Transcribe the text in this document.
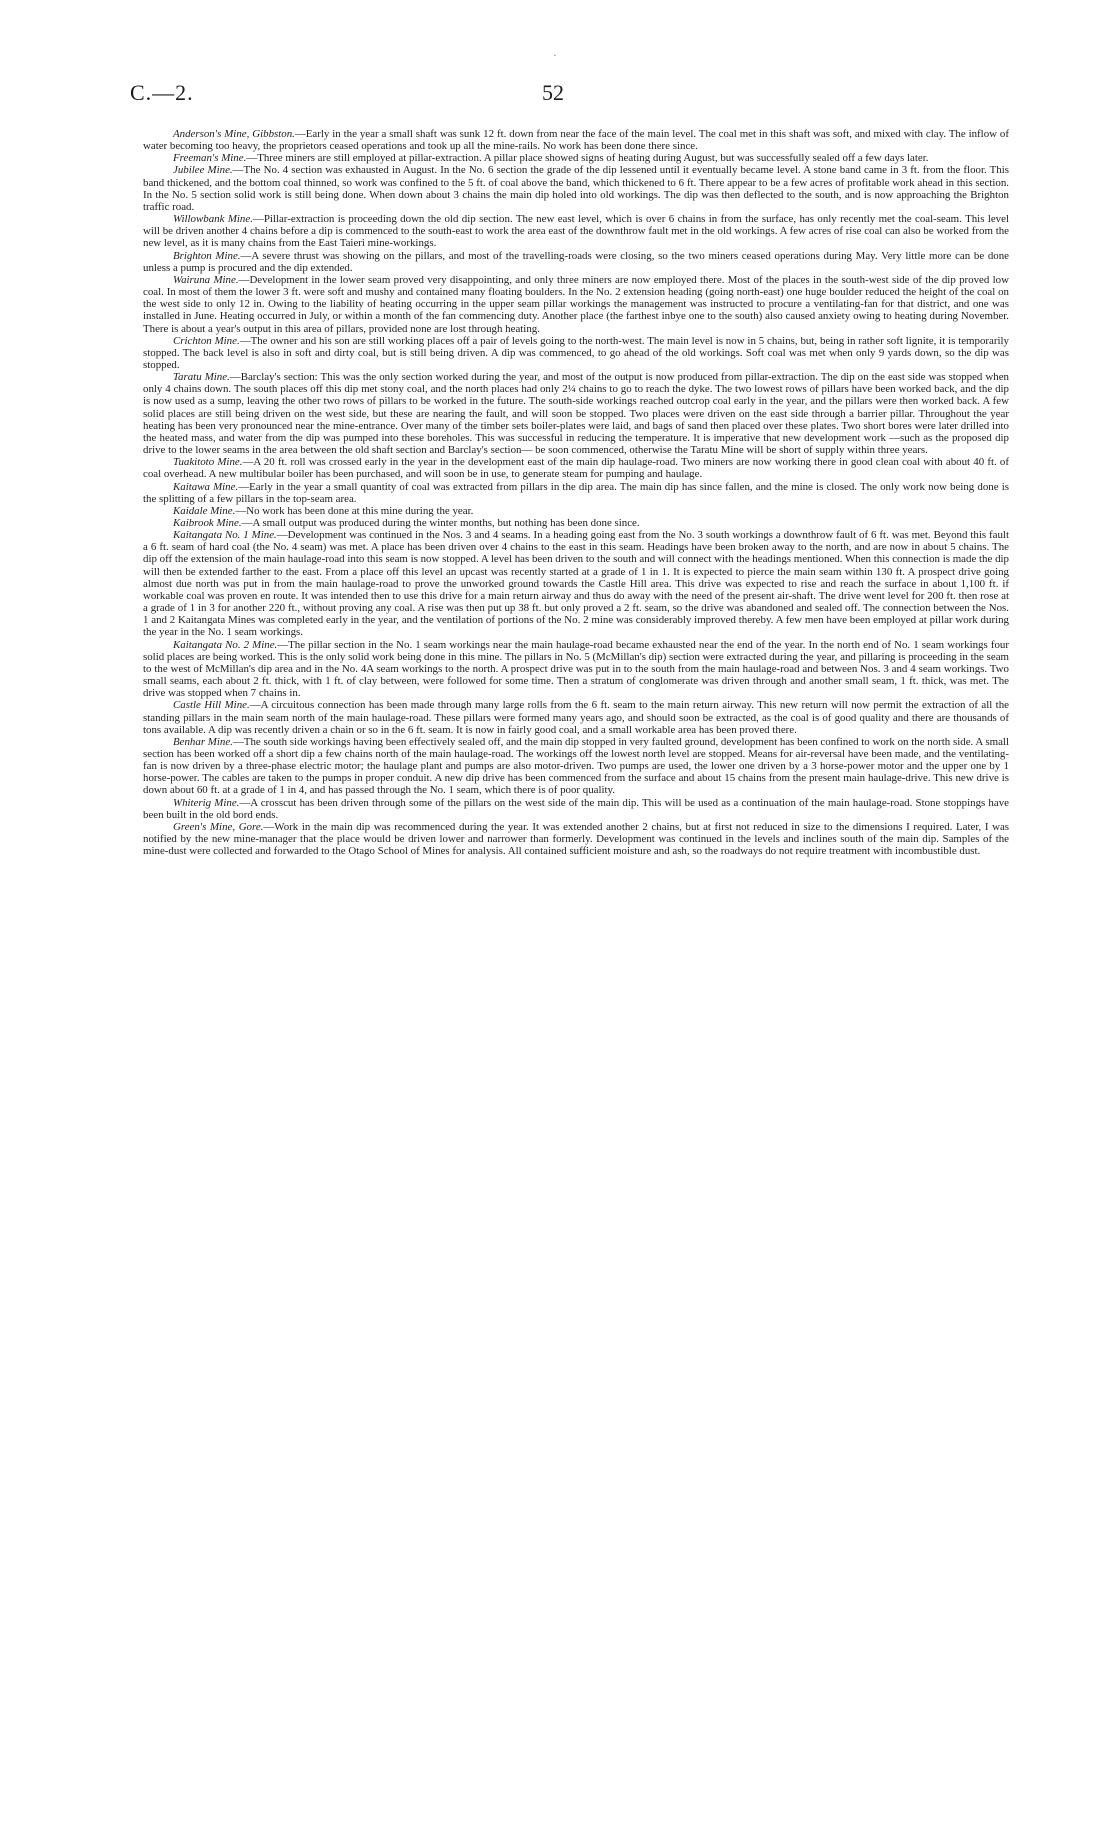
·
C.—2.	52

Anderson's Mine, Gibbston.—Early in the year a small shaft was sunk 12 ft. down from near the face of the main level. The coal met in this shaft was soft, and mixed with clay. The inflow of water becoming too heavy, the proprietors ceased operations and took up all the mine-rails. No work has been done there since.

Freeman's Mine.—Three miners are still employed at pillar-extraction. A pillar place showed signs of heating during August, but was successfully sealed off a few days later.

Jubilee Mine.—The No. 4 section was exhausted in August. In the No. 6 section the grade of the dip lessened until it eventually became level. A stone band came in 3 ft. from the floor. This band thickened, and the bottom coal thinned, so work was confined to the 5 ft. of coal above the band, which thickened to 6 ft. There appear to be a few acres of profitable work ahead in this section. In the No. 5 section solid work is still being done. When down about 3 chains the main dip holed into old workings. The dip was then deflected to the south, and is now approaching the Brighton traffic road.

Willowbank Mine.—Pillar-extraction is proceeding down the old dip section. The new east level, which is over 6 chains in from the surface, has only recently met the coal-seam. This level will be driven another 4 chains before a dip is commenced to the south-east to work the area east of the downthrow fault met in the old workings. A few acres of rise coal can also be worked from the new level, as it is many chains from the East Taieri mine-workings.

Brighton Mine.—A severe thrust was showing on the pillars, and most of the travelling-roads were closing, so the two miners ceased operations during May. Very little more can be done unless a pump is procured and the dip extended.

Wairuna Mine.—Development in the lower seam proved very disappointing, and only three miners are now employed there. Most of the places in the south-west side of the dip proved low coal. In most of them the lower 3 ft. were soft and mushy and contained many floating boulders. In the No. 2 extension heading (going north-east) one huge boulder reduced the height of the coal on the west side to only 12 in. Owing to the liability of heating occurring in the upper seam pillar workings the management was instructed to procure a ventilating-fan for that district, and one was installed in June. Heating occurred in July, or within a month of the fan commencing duty. Another place (the farthest inbye one to the south) also caused anxiety owing to heating during November. There is about a year's output in this area of pillars, provided none are lost through heating.

Crichton Mine.—The owner and his son are still working places off a pair of levels going to the north-west. The main level is now in 5 chains, but, being in rather soft lignite, it is temporarily stopped. The back level is also in soft and dirty coal, but is still being driven. A dip was commenced, to go ahead of the old workings. Soft coal was met when only 9 yards down, so the dip was stopped.

Taratu Mine.—Barclay's section: This was the only section worked during the year, and most of the output is now produced from pillar-extraction. The dip on the east side was stopped when only 4 chains down. The south places off this dip met stony coal, and the north places had only 2¼ chains to go to reach the dyke. The two lowest rows of pillars have been worked back, and the dip is now used as a sump, leaving the other two rows of pillars to be worked in the future. The south-side workings reached outcrop coal early in the year, and the pillars were then worked back. A few solid places are still being driven on the west side, but these are nearing the fault, and will soon be stopped. Two places were driven on the east side through a barrier pillar. Throughout the year heating has been very pronounced near the mine-entrance. Over many of the timber sets boiler-plates were laid, and bags of sand then placed over these plates. Two short bores were later drilled into the heated mass, and water from the dip was pumped into these boreholes. This was successful in reducing the temperature. It is imperative that new development work —such as the proposed dip drive to the lower seams in the area between the old shaft section and Barclay's section— be soon commenced, otherwise the Taratu Mine will be short of supply within three years.

Tuakitoto Mine.—A 20 ft. roll was crossed early in the year in the development east of the main dip haulage-road. Two miners are now working there in good clean coal with about 40 ft. of coal overhead. A new multibular boiler has been purchased, and will soon be in use, to generate steam for pumping and haulage.

Kaitawa Mine.—Early in the year a small quantity of coal was extracted from pillars in the dip area. The main dip has since fallen, and the mine is closed. The only work now being done is the splitting of a few pillars in the top-seam area.

Kaidale Mine.—No work has been done at this mine during the year.

Kaibrook Mine.—A small output was produced during the winter months, but nothing has been done since.

Kaitangata No. 1 Mine.—Development was continued in the Nos. 3 and 4 seams. In a heading going east from the No. 3 south workings a downthrow fault of 6 ft. was met. Beyond this fault a 6 ft. seam of hard coal (the No. 4 seam) was met. A place has been driven over 4 chains to the east in this seam. Headings have been broken away to the north, and are now in about 5 chains. The dip off the extension of the main haulage-road into this seam is now stopped. A level has been driven to the south and will connect with the headings mentioned. When this connection is made the dip will then be extended farther to the east. From a place off this level an upcast was recently started at a grade of 1 in 1. It is expected to pierce the main seam within 130 ft. A prospect drive going almost due north was put in from the main haulage-road to prove the unworked ground towards the Castle Hill area. This drive was expected to rise and reach the surface in about 1,100 ft. if workable coal was proven en route. It was intended then to use this drive for a main return airway and thus do away with the need of the present air-shaft. The drive went level for 200 ft. then rose at a grade of 1 in 3 for another 220 ft., without proving any coal. A rise was then put up 38 ft. but only proved a 2 ft. seam, so the drive was abandoned and sealed off. The connection between the Nos. 1 and 2 Kaitangata Mines was completed early in the year, and the ventilation of portions of the No. 2 mine was considerably improved thereby. A few men have been employed at pillar work during the year in the No. 1 seam workings.

Kaitangata No. 2 Mine.—The pillar section in the No. 1 seam workings near the main haulage-road became exhausted near the end of the year. In the north end of No. 1 seam workings four solid places are being worked. This is the only solid work being done in this mine. The pillars in No. 5 (McMillan's dip) section were extracted during the year, and pillaring is proceeding in the seam to the west of McMillan's dip area and in the No. 4A seam workings to the north. A prospect drive was put in to the south from the main haulage-road and between Nos. 3 and 4 seam workings. Two small seams, each about 2 ft. thick, with 1 ft. of clay between, were followed for some time. Then a stratum of conglomerate was driven through and another small seam, 1 ft. thick, was met. The drive was stopped when 7 chains in.

Castle Hill Mine.—A circuitous connection has been made through many large rolls from the 6 ft. seam to the main return airway. This new return will now permit the extraction of all the standing pillars in the main seam north of the main haulage-road. These pillars were formed many years ago, and should soon be extracted, as the coal is of good quality and there are thousands of tons available. A dip was recently driven a chain or so in the 6 ft. seam. It is now in fairly good coal, and a small workable area has been proved there.

Benhar Mine.—The south side workings having been effectively sealed off, and the main dip stopped in very faulted ground, development has been confined to work on the north side. A small section has been worked off a short dip a few chains north of the main haulage-road. The workings off the lowest north level are stopped. Means for air-reversal have been made, and the ventilating-fan is now driven by a three-phase electric motor; the haulage plant and pumps are also motor-driven. Two pumps are used, the lower one driven by a 3 horse-power motor and the upper one by 1 horse-power. The cables are taken to the pumps in proper conduit. A new dip drive has been commenced from the surface and about 15 chains from the present main haulage-drive. This new drive is down about 60 ft. at a grade of 1 in 4, and has passed through the No. 1 seam, which there is of poor quality.

Whiterig Mine.—A crosscut has been driven through some of the pillars on the west side of the main dip. This will be used as a continuation of the main haulage-road. Stone stoppings have been built in the old bord ends.

Green's Mine, Gore.—Work in the main dip was recommenced during the year. It was extended another 2 chains, but at first not reduced in size to the dimensions I required. Later, I was notified by the new mine-manager that the place would be driven lower and narrower than formerly. Development was continued in the levels and inclines south of the main dip. Samples of the mine-dust were collected and forwarded to the Otago School of Mines for analysis. All contained sufficient moisture and ash, so the roadways do not require treatment with incombustible dust.
